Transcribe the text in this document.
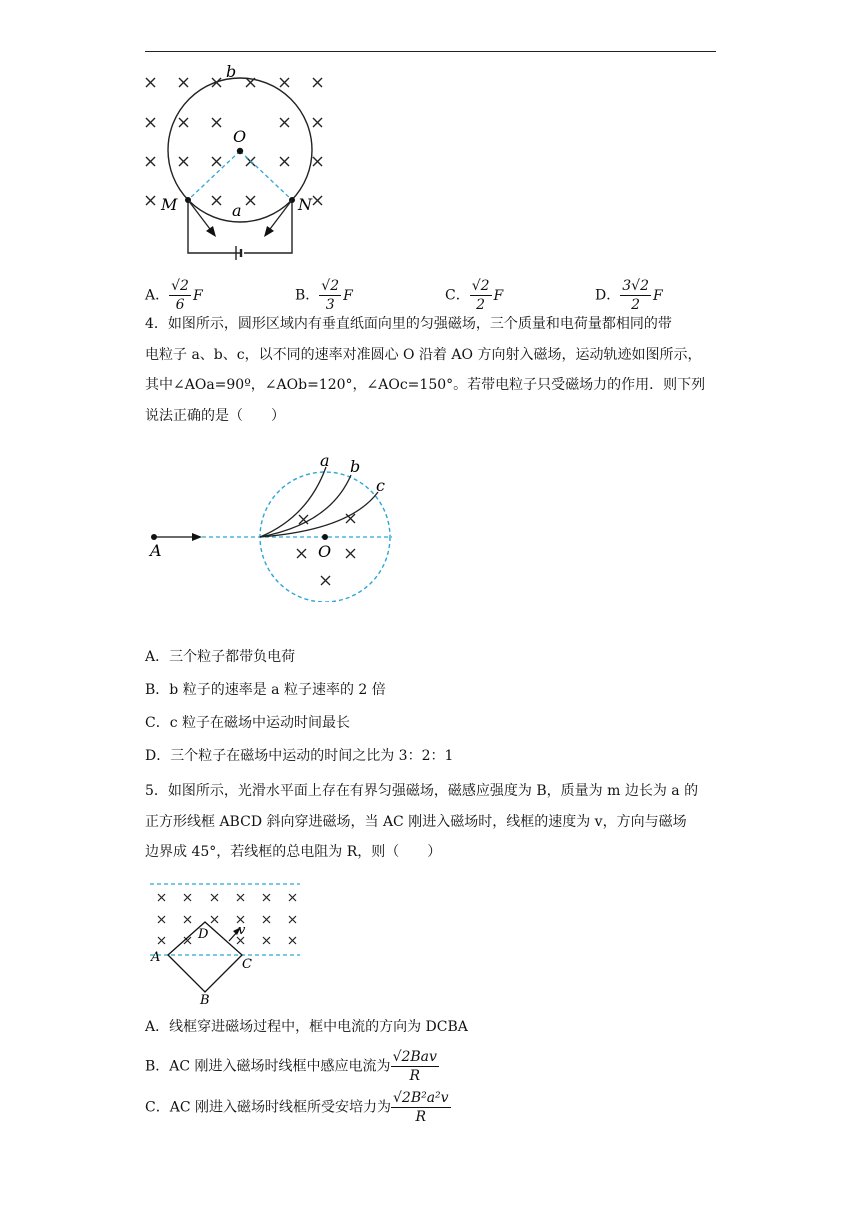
b
O
M	N
a
A． $\frac{√2}{6}$ F	B． $\frac{√2}{3}$ F	C． $\frac{√2}{2}$ F	D． $\frac{3√2}{2}$ F
4．如图所示，圆形区域内有垂直纸面向里的匀强磁场，三个质量和电荷量都相同的带
电粒子 a、b、c，以不同的速率对准圆心 O 沿着 AO 方向射入磁场，运动轨迹如图所示，
其中∠AOa=90º，∠AOb=120°，∠AOc=150°。若带电粒子只受磁场力的作用．则下列
说法正确的是（　　）
A	O
a b
c
A．三个粒子都带负电荷
B．b 粒子的速率是 a 粒子速率的 2 倍
C．c 粒子在磁场中运动时间最长
D．三个粒子在磁场中运动的时间之比为 3：2：1
5．如图所示，光滑水平面上存在有界匀强磁场，磁感应强度为 B，质量为 m 边长为 a 的
正方形线框 ABCD 斜向穿进磁场，当 AC 刚进入磁场时，线框的速度为 v，方向与磁场
边界成 45°，若线框的总电阻为 R，则（　　）
A
B
C
D v
A．线框穿进磁场过程中，框中电流的方向为 DCBA
B．AC 刚进入磁场时线框中感应电流为 $\frac{\text{√2Bav}}{R}$
C．AC 刚进入磁场时线框所受安培力为 $\frac{\text{√2B²a²v}}{R}$
